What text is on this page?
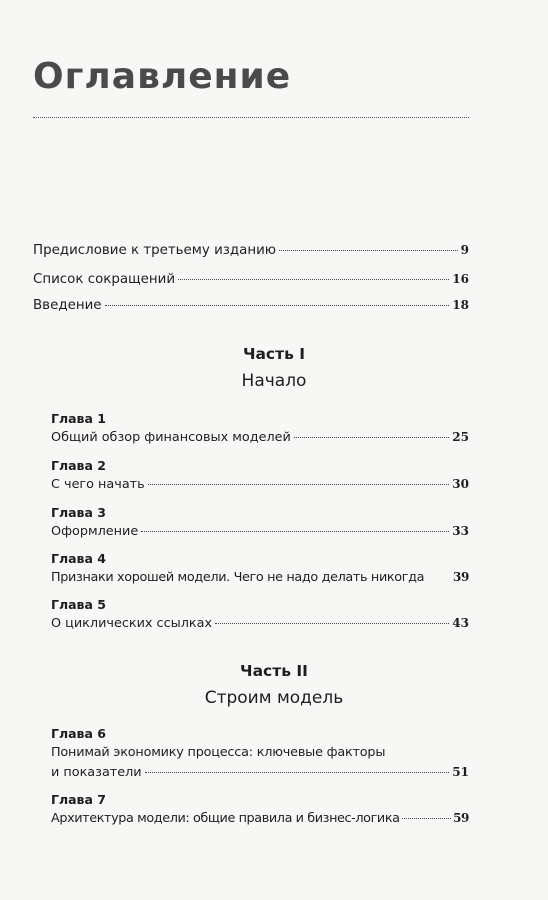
Оглавление
Предисловие к третьему изданию	9
Список сокращений	16
Введение	18
Часть I
Начало
Глава 1
Общий обзор финансовых моделей	25
Глава 2
С чего начать	30
Глава 3
Оформление	33
Глава 4
Признаки хорошей модели. Чего не надо делать никогда 39
Глава 5
О циклических ссылках	43
Часть II
Строим модель
Глава 6
Понимай экономику процесса: ключевые факторы
и показатели	51
Глава 7
Архитектура модели: общие правила и бизнес-логика	59
